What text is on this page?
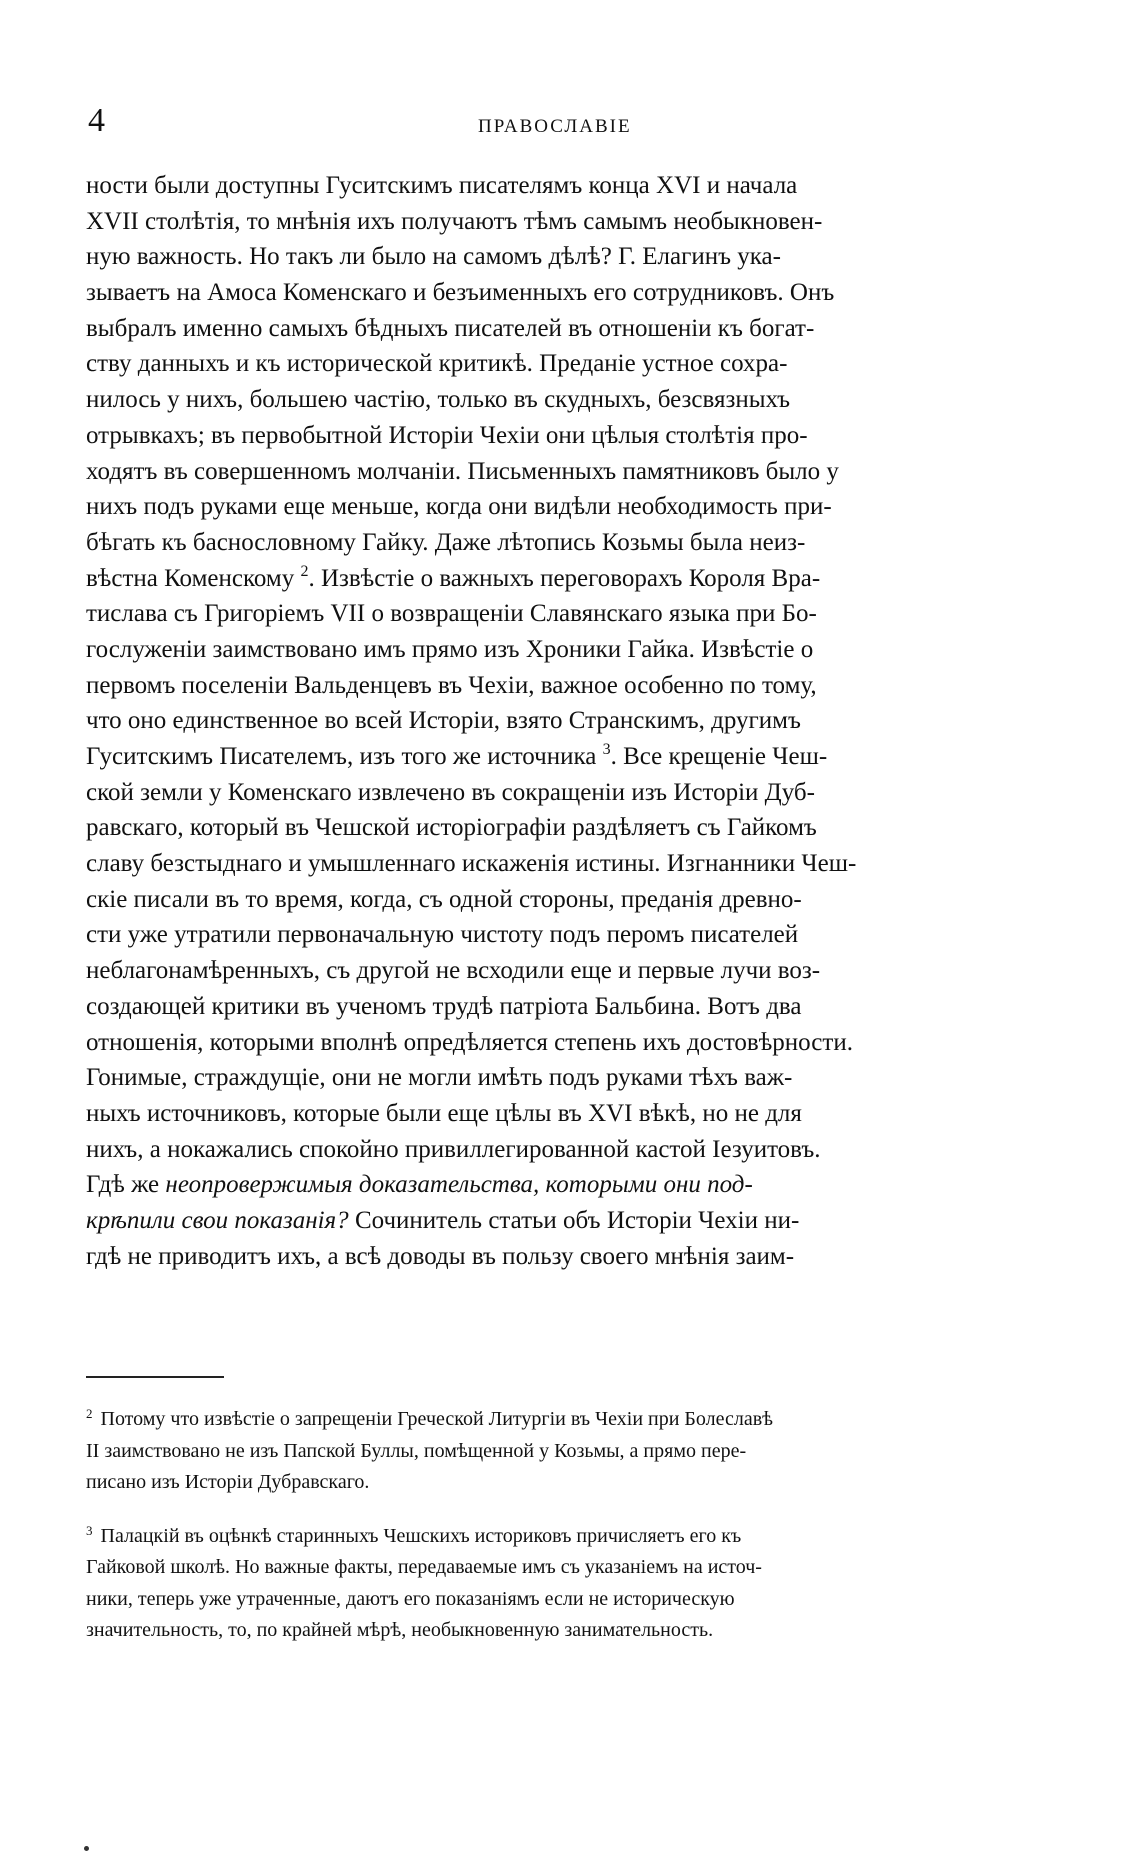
4	ПРАВОСЛАВІЕ
ности были доступны Гуситскимъ писателямъ конца XVI и начала
XVII столѣтія, то мнѣнія ихъ получаютъ тѣмъ самымъ необыкновен-
ную важность. Но такъ ли было на самомъ дѣлѣ? Г. Елагинъ ука-
зываетъ на Амоса Коменскаго и безъименныхъ его сотрудниковъ. Онъ
выбралъ именно самыхъ бѣдныхъ писателей въ отношеніи къ богат-
ству данныхъ и къ исторической критикѣ. Преданіе устное сохра-
нилось у нихъ, большею частію, только въ скудныхъ, безсвязныхъ
отрывкахъ; въ первобытной Исторіи Чехіи они цѣлыя столѣтія про-
ходятъ въ совершенномъ молчаніи. Письменныхъ памятниковъ было у
нихъ подъ руками еще меньше, когда они видѣли необходимость при-
бѣгать къ баснословному Гайку. Даже лѣтопись Козьмы была неиз-
вѣстна Коменскому $^2$. Извѣстіе о важныхъ переговорахъ Короля Вра-
тислава съ Григоріемъ VII о возвращеніи Славянскаго языка при Бо-
гослуженіи заимствовано имъ прямо изъ Хроники Гайка. Извѣстіе о
первомъ поселеніи Вальденцевъ въ Чехіи, важное особенно по тому,
что оно единственное во всей Исторіи, взято Странскимъ, другимъ
Гуситскимъ Писателемъ, изъ того же источника $^3$. Все крещеніе Чеш-
ской земли у Коменскаго извлечено въ сокращеніи изъ Исторіи Дуб-
равскаго, который въ Чешской исторіографіи раздѣляетъ съ Гайкомъ
славу безстыднаго и умышленнаго искаженія истины. Изгнанники Чеш-
скіе писали въ то время, когда, съ одной стороны, преданія древно-
сти уже утратили первоначальную чистоту подъ перомъ писателей
неблагонамѣренныхъ, съ другой не всходили еще и первые лучи воз-
создающей критики въ ученомъ трудѣ патріота Бальбина. Вотъ два
отношенія, которыми вполнѣ опредѣляется степень ихъ достовѣрности.
Гонимые, страждущіе, они не могли имѣть подъ руками тѣхъ важ-
ныхъ источниковъ, которые были еще цѣлы въ XVI вѣкѣ, но не для
нихъ, а нокажались спокойно привиллегированной кастой Іезуитовъ.
Гдѣ же неопровержимыя доказательства, которыми они под-
крѣпили свои показанія? Сочинитель статьи объ Исторіи Чехіи ни-
гдѣ не приводитъ ихъ, а всѣ доводы въ пользу своего мнѣнія заим-
$^2$ Потому что извѣстіе о запрещеніи Греческой Литургіи въ Чехіи при Болеславѣ
II заимствовано не изъ Папской Буллы, помѣщенной у Козьмы, а прямо пере-
писано изъ Исторіи Дубравскаго.
$^3$ Палацкій въ оцѣнкѣ старинныхъ Чешскихъ историковъ причисляетъ его къ
Гайковой школѣ. Но важные факты, передаваемые имъ съ указаніемъ на источ-
ники, теперь уже утраченные, даютъ его показаніямъ если не историческую
значительность, то, по крайней мѣрѣ, необыкновенную занимательность.
